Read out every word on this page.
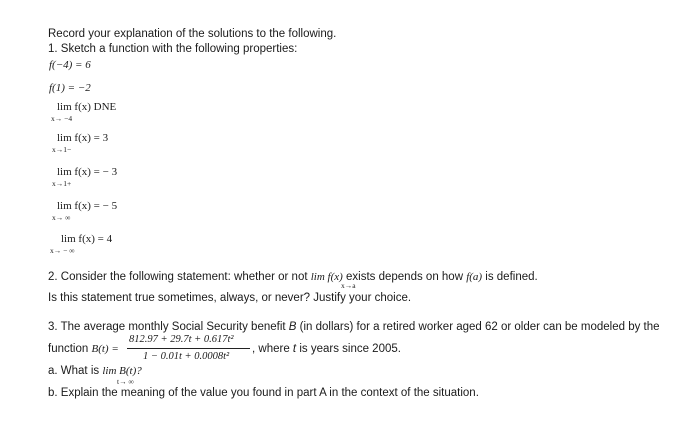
Record your explanation of the solutions to the following.
1. Sketch a function with the following properties:
f(−4) = 6
f(1) = −2
lim f(x) DNE
x→ −4
lim f(x) = 3
x→1−
lim f(x) = − 3
x→1+
lim f(x) = − 5
x→ ∞
lim f(x) = 4
x→ − ∞
2. Consider the following statement: whether or not lim f(x) exists depends on how f(a) is defined.
x→a
Is this statement true sometimes, always, or never? Justify your choice.
3. The average monthly Social Security benefit B (in dollars) for a retired worker aged 62 or older can be modeled by the
function B(t) =
812.97 + 29.7t + 0.617t²
1 − 0.01t + 0.0008t²
, where t is years since 2005.
a. What is lim B(t)?
t→ ∞
b. Explain the meaning of the value you found in part A in the context of the situation.
